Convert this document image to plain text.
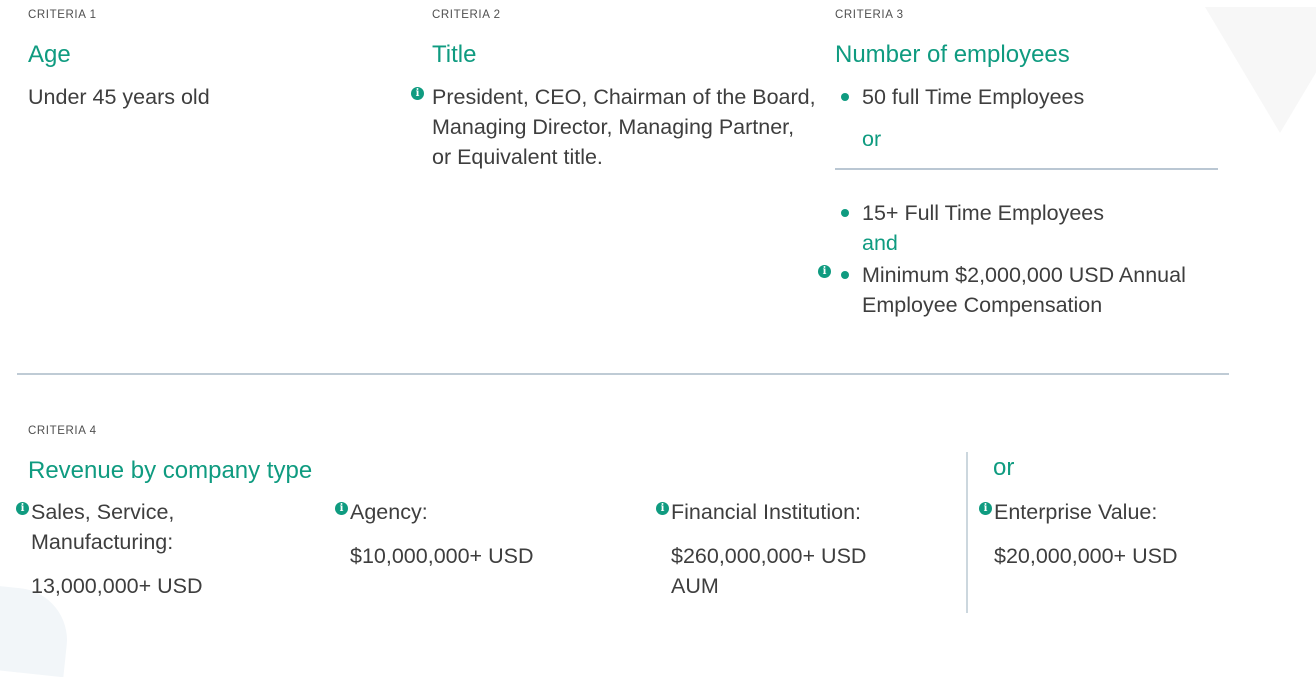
CRITERIA 1
Age

Under 45 years old

CRITERIA 2
Title
i President, CEO, Chairman of the Board, Managing Director, Managing Partner, or Equivalent title.

CRITERIA 3
Number of employees

50 full Time Employees

or

15+ Full Time Employees

and
i Minimum $2,000,000 USD Annual Employee Compensation

CRITERIA 4
Revenue by company type	or
i Sales, Service, Manufacturing:

13,000,000+ USD
i Agency:

$10,000,000+ USD
i Financial Institution:

$260,000,000+ USD AUM
i Enterprise Value:

$20,000,000+ USD
